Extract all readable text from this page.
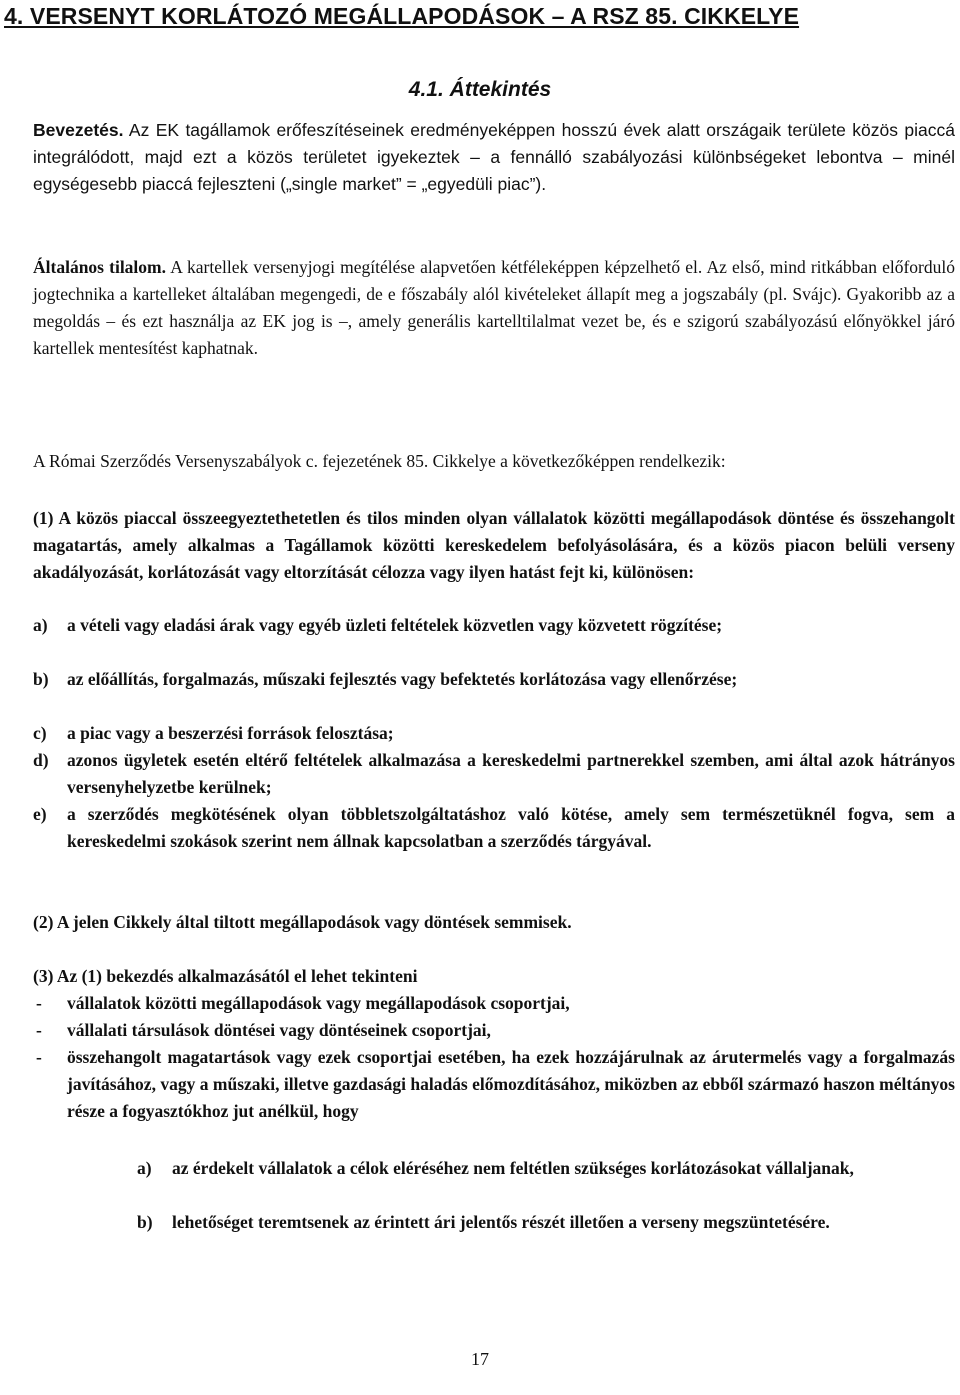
4. VERSENYT KORLÁTOZÓ MEGÁLLAPODÁSOK – A RSZ 85. CIKKELYE
4.1. Áttekintés

Bevezetés. Az EK tagállamok erőfeszítéseinek eredményeképpen hosszú évek alatt országaik területe közös piaccá integrálódott, majd ezt a közös területet igyekeztek – a fennálló szabályozási különbségeket lebontva – minél egységesebb piaccá fejleszteni („single market” = „egyedüli piac”).

Általános tilalom. A kartellek versenyjogi megítélése alapvetően kétféleképpen képzelhető el. Az első, mind ritkábban előforduló jogtechnika a kartelleket általában megengedi, de e főszabály alól kivételeket állapít meg a jogszabály (pl. Svájc). Gyakoribb az a megoldás – és ezt használja az EK jog is –, amely generális kartelltilalmat vezet be, és e szigorú szabályozású előnyökkel járó kartellek mentesítést kaphatnak.

A Római Szerződés Versenyszabályok c. fejezetének 85. Cikkelye a következőképpen rendelkezik:

(1) A közös piaccal összeegyeztethetetlen és tilos minden olyan vállalatok közötti megállapodások döntése és összehangolt magatartás, amely alkalmas a Tagállamok közötti kereskedelem befolyásolására, és a közös piacon belüli verseny akadályozását, korlátozását vagy eltorzítását célozza vagy ilyen hatást fejt ki, különösen:

a) a vételi vagy eladási árak vagy egyéb üzleti feltételek közvetlen vagy közvetett rögzítése;
b) az előállítás, forgalmazás, műszaki fejlesztés vagy befektetés korlátozása vagy ellenőrzése;
c) a piac vagy a beszerzési források felosztása;
d) azonos ügyletek esetén eltérő feltételek alkalmazása a kereskedelmi partnerekkel szemben, ami által azok hátrányos versenyhelyzetbe kerülnek;
e) a szerződés megkötésének olyan többletszolgáltatáshoz való kötése, amely sem természetüknél fogva, sem a kereskedelmi szokások szerint nem állnak kapcsolatban a szerződés tárgyával.

(2) A jelen Cikkely által tiltott megállapodások vagy döntések semmisek.

(3) Az (1) bekezdés alkalmazásától el lehet tekinteni

- vállalatok közötti megállapodások vagy megállapodások csoportjai,
- vállalati társulások döntései vagy döntéseinek csoportjai,
- összehangolt magatartások vagy ezek csoportjai esetében, ha ezek hozzájárulnak az árutermelés vagy a forgalmazás javításához, vagy a műszaki, illetve gazdasági haladás előmozdításához, miközben az ebből származó haszon méltányos része a fogyasztókhoz jut anélkül, hogy
a) az érdekelt vállalatok a célok eléréséhez nem feltétlen szükséges korlátozásokat vállaljanak,
b) lehetőséget teremtsenek az érintett ári jelentős részét illetően a verseny megszüntetésére.
17
